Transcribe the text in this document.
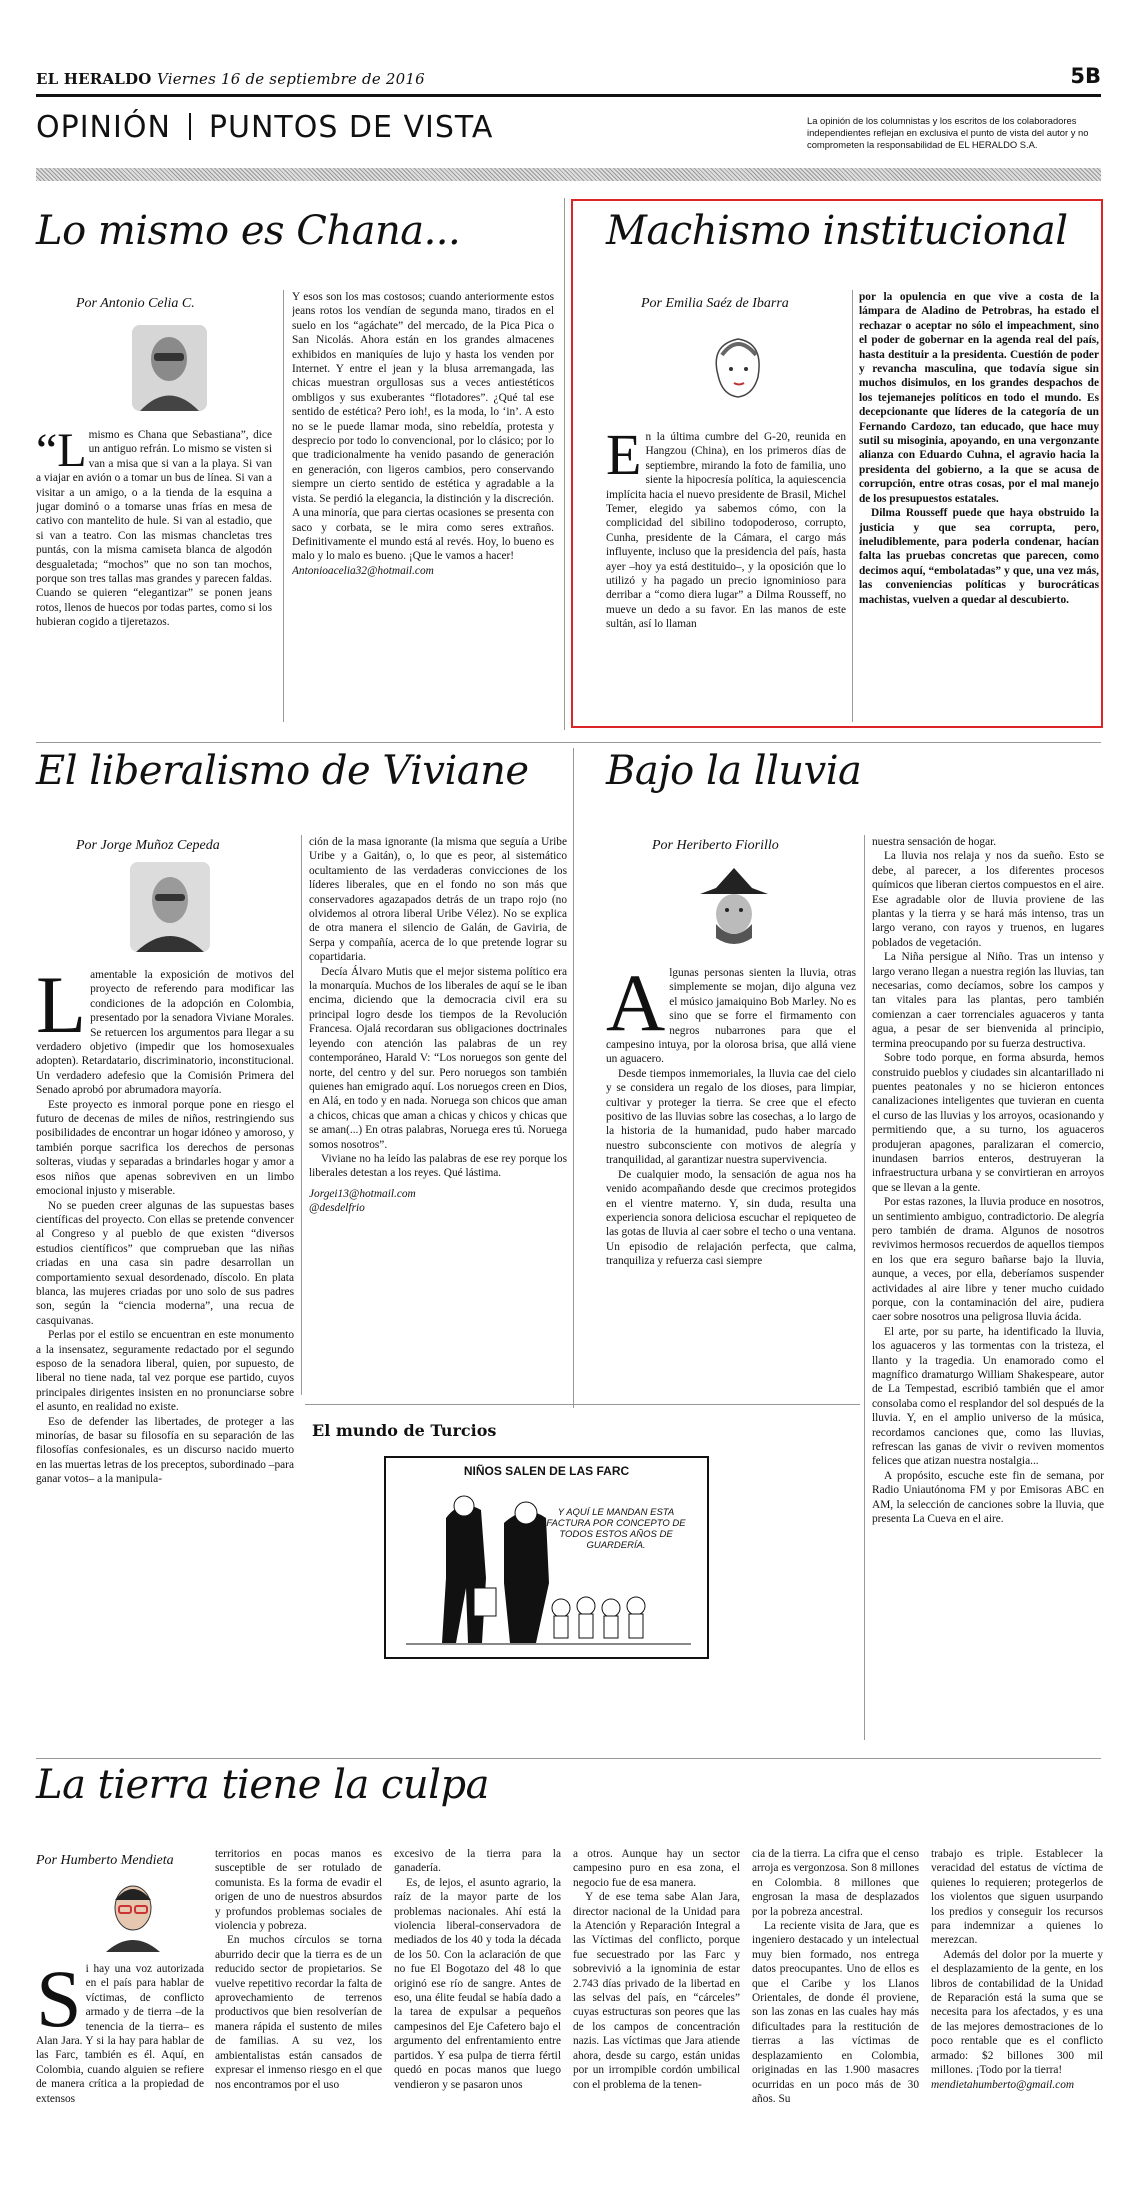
EL HERALDO Viernes 16 de septiembre de 2016	5B
OPINIÓN PUNTOS DE VISTA	La opinión de los columnistas y los escritos de los colaboradores independientes reflejan en exclusiva el punto de vista del autor y no comprometen la responsabilidad de EL HERALDO S.A.
Lo mismo es Chana...
Por Antonio Celia C.

“Lmismo es Chana que Sebastiana”, dice un antiguo refrán. Lo mismo se visten si van a misa que si van a la playa. Si van a viajar en avión o a tomar un bus de línea. Si van a visitar a un amigo, o a la tienda de la esquina a jugar dominó o a tomarse unas frías en mesa de cativo con mantelito de hule. Si van al estadio, que si van a teatro. Con las mismas chancletas tres puntás, con la misma camiseta blanca de algodón desgualetada; “mochos” que no son tan mochos, porque son tres tallas mas grandes y parecen faldas. Cuando se quieren “elegantizar” se ponen jeans rotos, llenos de huecos por todas partes, como si los hubieran cogido a tijeretazos.

Y esos son los mas costosos; cuando anteriormente estos jeans rotos los vendían de segunda mano, tirados en el suelo en los “agáchate” del mercado, de la Pica Pica o San Nicolás. Ahora están en los grandes almacenes exhibidos en maniquíes de lujo y hasta los venden por Internet. Y entre el jean y la blusa arremangada, las chicas muestran orgullosas sus a veces antiestéticos ombligos y sus exuberantes “flotadores”. ¿Qué tal ese sentido de estética? Pero ioh!, es la moda, lo ‘in’. A esto no se le puede llamar moda, sino rebeldía, protesta y desprecio por todo lo convencional, por lo clásico; por lo que tradicionalmente ha venido pasando de generación en generación, con ligeros cambios, pero conservando siempre un cierto sentido de estética y agradable a la vista. Se perdió la elegancia, la distinción y la discreción. A una minoría, que para ciertas ocasiones se presenta con saco y corbata, se le mira como seres extraños. Definitivamente el mundo está al revés. Hoy, lo bueno es malo y lo malo es bueno. ¡Que le vamos a hacer!

Antonioacelia32@hotmail.com

Machismo institucional
Por Emilia Saéz de Ibarra

En la última cumbre del G-20, reunida en Hangzou (China), en los primeros días de septiembre, mirando la foto de familia, uno siente la hipocresía política, la aquiescencia implícita hacia el nuevo presidente de Brasil, Michel Temer, elegido ya sabemos cómo, con la complicidad del sibilino todopoderoso, corrupto, Cunha, presidente de la Cámara, el cargo más influyente, incluso que la presidencia del país, hasta ayer –hoy ya está destituido–, y la oposición que lo utilizó y ha pagado un precio ignominioso para derribar a “como diera lugar” a Dilma Rousseff, no mueve un dedo a su favor. En las manos de este sultán, así lo llaman

por la opulencia en que vive a costa de la lámpara de Aladino de Petrobras, ha estado el rechazar o aceptar no sólo el impeachment, sino el poder de gobernar en la agenda real del país, hasta destituir a la presidenta. Cuestión de poder y revancha masculina, que todavía sigue sin muchos disimulos, en los grandes despachos de los tejemanejes políticos en todo el mundo. Es decepcionante que líderes de la categoría de un Fernando Cardozo, tan educado, que hace muy sutil su misoginia, apoyando, en una vergonzante alianza con Eduardo Cuhna, el agravio hacia la presidenta del gobierno, a la que se acusa de corrupción, entre otras cosas, por el mal manejo de los presupuestos estatales.

Dilma Rousseff puede que haya obstruido la justicia y que sea corrupta, pero, ineludiblemente, para poderla condenar, hacían falta las pruebas concretas que parecen, como decimos aquí, “embolatadas” y que, una vez más, las conveniencias políticas y burocráticas machistas, vuelven a quedar al descubierto.

El liberalismo de Viviane
Por Jorge Muñoz Cepeda

Lamentable la exposición de motivos del proyecto de referendo para modificar las condiciones de la adopción en Colombia, presentado por la senadora Viviane Morales. Se retuercen los argumentos para llegar a su verdadero objetivo (impedir que los homosexuales adopten). Retardatario, discriminatorio, inconstitucional. Un verdadero adefesio que la Comisión Primera del Senado aprobó por abrumadora mayoría.

Este proyecto es inmoral porque pone en riesgo el futuro de decenas de miles de niños, restringiendo sus posibilidades de encontrar un hogar idóneo y amoroso, y también porque sacrifica los derechos de personas solteras, viudas y separadas a brindarles hogar y amor a esos niños que apenas sobreviven en un limbo emocional injusto y miserable.

No se pueden creer algunas de las supuestas bases científicas del proyecto. Con ellas se pretende convencer al Congreso y al pueblo de que existen “diversos estudios científicos” que comprueban que las niñas criadas en una casa sin padre desarrollan un comportamiento sexual desordenado, díscolo. En plata blanca, las mujeres criadas por uno solo de sus padres son, según la “ciencia moderna”, una recua de casquivanas.

Perlas por el estilo se encuentran en este monumento a la insensatez, seguramente redactado por el segundo esposo de la senadora liberal, quien, por supuesto, de liberal no tiene nada, tal vez porque ese partido, cuyos principales dirigentes insisten en no pronunciarse sobre el asunto, en realidad no existe.

Eso de defender las libertades, de proteger a las minorías, de basar su filosofía en su separación de las filosofías confesionales, es un discurso nacido muerto en las muertas letras de los preceptos, subordinado –para ganar votos– a la manipula-

ción de la masa ignorante (la misma que seguía a Uribe Uribe y a Gaitán), o, lo que es peor, al sistemático ocultamiento de las verdaderas convicciones de los líderes liberales, que en el fondo no son más que conservadores agazapados detrás de un trapo rojo (no olvidemos al otrora liberal Uribe Vélez). No se explica de otra manera el silencio de Galán, de Gaviria, de Serpa y compañía, acerca de lo que pretende lograr su copartidaria.

Decía Álvaro Mutis que el mejor sistema político era la monarquía. Muchos de los liberales de aquí se le iban encima, diciendo que la democracia civil era su principal logro desde los tiempos de la Revolución Francesa. Ojalá recordaran sus obligaciones doctrinales leyendo con atención las palabras de un rey contemporáneo, Harald V: “Los noruegos son gente del norte, del centro y del sur. Pero noruegos son también quienes han emigrado aquí. Los noruegos creen en Dios, en Alá, en todo y en nada. Noruega son chicos que aman a chicos, chicas que aman a chicas y chicos y chicas que se aman(...) En otras palabras, Noruega eres tú. Noruega somos nosotros”.

Viviane no ha leído las palabras de ese rey porque los liberales detestan a los reyes. Qué lástima.

Jorgei13@hotmail.com

@desdelfrio

Bajo la lluvia
Por Heriberto Fiorillo

Algunas personas sienten la lluvia, otras simplemente se mojan, dijo alguna vez el músico jamaiquino Bob Marley. No es sino que se forre el firmamento con negros nubarrones para que el campesino intuya, por la olorosa brisa, que allá viene un aguacero.

Desde tiempos inmemoriales, la lluvia cae del cielo y se considera un regalo de los dioses, para limpiar, cultivar y proteger la tierra. Se cree que el efecto positivo de las lluvias sobre las cosechas, a lo largo de la historia de la humanidad, pudo haber marcado nuestro subconsciente con motivos de alegría y tranquilidad, al garantizar nuestra supervivencia.

De cualquier modo, la sensación de agua nos ha venido acompañando desde que crecimos protegidos en el vientre materno. Y, sin duda, resulta una experiencia sonora deliciosa escuchar el repiqueteo de las gotas de lluvia al caer sobre el techo o una ventana. Un episodio de relajación perfecta, que calma, tranquiliza y refuerza casi siempre

nuestra sensación de hogar.

La lluvia nos relaja y nos da sueño. Esto se debe, al parecer, a los diferentes procesos químicos que liberan ciertos compuestos en el aire. Ese agradable olor de lluvia proviene de las plantas y la tierra y se hará más intenso, tras un largo verano, con rayos y truenos, en lugares poblados de vegetación.

La Niña persigue al Niño. Tras un intenso y largo verano llegan a nuestra región las lluvias, tan necesarias, como decíamos, sobre los campos y tan vitales para las plantas, pero también comienzan a caer torrenciales aguaceros y tanta agua, a pesar de ser bienvenida al principio, termina preocupando por su fuerza destructiva.

Sobre todo porque, en forma absurda, hemos construido pueblos y ciudades sin alcantarillado ni puentes peatonales y no se hicieron entonces canalizaciones inteligentes que tuvieran en cuenta el curso de las lluvias y los arroyos, ocasionando y permitiendo que, a su turno, los aguaceros produjeran apagones, paralizaran el comercio, inundasen barrios enteros, destruyeran la infraestructura urbana y se convirtieran en arroyos que se llevan a la gente.

Por estas razones, la lluvia produce en nosotros, un sentimiento ambiguo, contradictorio. De alegría pero también de drama. Algunos de nosotros revivimos hermosos recuerdos de aquellos tiempos en los que era seguro bañarse bajo la lluvia, aunque, a veces, por ella, deberíamos suspender actividades al aire libre y tener mucho cuidado porque, con la contaminación del aire, pudiera caer sobre nosotros una peligrosa lluvia ácida.

El arte, por su parte, ha identificado la lluvia, los aguaceros y las tormentas con la tristeza, el llanto y la tragedia. Un enamorado como el magnífico dramaturgo William Shakespeare, autor de La Tempestad, escribió también que el amor consolaba como el resplandor del sol después de la lluvia. Y, en el amplio universo de la música, recordamos canciones que, como las lluvias, refrescan las ganas de vivir o reviven momentos felices que atizan nuestra nostalgia...

A propósito, escuche este fin de semana, por Radio Uniautónoma FM y por Emisoras ABC en AM, la selección de canciones sobre la lluvia, que presenta La Cueva en el aire.

El mundo de Turcios
NIÑOS SALEN DE LAS FARC
Y AQUÍ LE MANDAN ESTA FACTURA POR CONCEPTO DE TODOS ESTOS AÑOS DE GUARDERÍA.
La tierra tiene la culpa
Por Humberto Mendieta

Si hay una voz autorizada en el país para hablar de víctimas, de conflicto armado y de tierra –de la tenencia de la tierra– es Alan Jara. Y si la hay para hablar de las Farc, también es él. Aquí, en Colombia, cuando alguien se refiere de manera crítica a la propiedad de extensos

territorios en pocas manos es susceptible de ser rotulado de comunista. Es la forma de evadir el origen de uno de nuestros absurdos y profundos problemas sociales de violencia y pobreza.

En muchos círculos se torna aburrido decir que la tierra es de un reducido sector de propietarios. Se vuelve repetitivo recordar la falta de aprovechamiento de terrenos productivos que bien resolverían de manera rápida el sustento de miles de familias. A su vez, los ambientalistas están cansados de expresar el inmenso riesgo en el que nos encontramos por el uso

excesivo de la tierra para la ganadería.

Es, de lejos, el asunto agrario, la raíz de la mayor parte de los problemas nacionales. Ahí está la violencia liberal-conservadora de mediados de los 40 y toda la década de los 50. Con la aclaración de que no fue El Bogotazo del 48 lo que originó ese río de sangre. Antes de eso, una élite feudal se había dado a la tarea de expulsar a pequeños campesinos del Eje Cafetero bajo el argumento del enfrentamiento entre partidos. Y esa pulpa de tierra fértil quedó en pocas manos que luego vendieron y se pasaron unos

a otros. Aunque hay un sector campesino puro en esa zona, el negocio fue de esa manera.

Y de ese tema sabe Alan Jara, director nacional de la Unidad para la Atención y Reparación Integral a las Víctimas del conflicto, porque fue secuestrado por las Farc y sobrevivió a la ignominia de estar 2.743 días privado de la libertad en las selvas del país, en “cárceles” cuyas estructuras son peores que las de los campos de concentración nazis. Las víctimas que Jara atiende ahora, desde su cargo, están unidas por un irrompible cordón umbilical con el problema de la tenen-

cia de la tierra. La cifra que el censo arroja es vergonzosa. Son 8 millones en Colombia. 8 millones que engrosan la masa de desplazados por la pobreza ancestral.

La reciente visita de Jara, que es ingeniero destacado y un intelectual muy bien formado, nos entrega datos preocupantes. Uno de ellos es que el Caribe y los Llanos Orientales, de donde él proviene, son las zonas en las cuales hay más dificultades para la restitución de tierras a las víctimas de desplazamiento en Colombia, originadas en las 1.900 masacres ocurridas en un poco más de 30 años. Su

trabajo es triple. Establecer la veracidad del estatus de víctima de quienes lo requieren; protegerlos de los violentos que siguen usurpando los predios y conseguir los recursos para indemnizar a quienes lo merezcan.

Además del dolor por la muerte y el desplazamiento de la gente, en los libros de contabilidad de la Unidad de Reparación está la suma que se necesita para los afectados, y es una de las mejores demostraciones de lo poco rentable que es el conflicto armado: $2 billones 300 mil millones. ¡Todo por la tierra!

mendietahumberto@gmail.com
